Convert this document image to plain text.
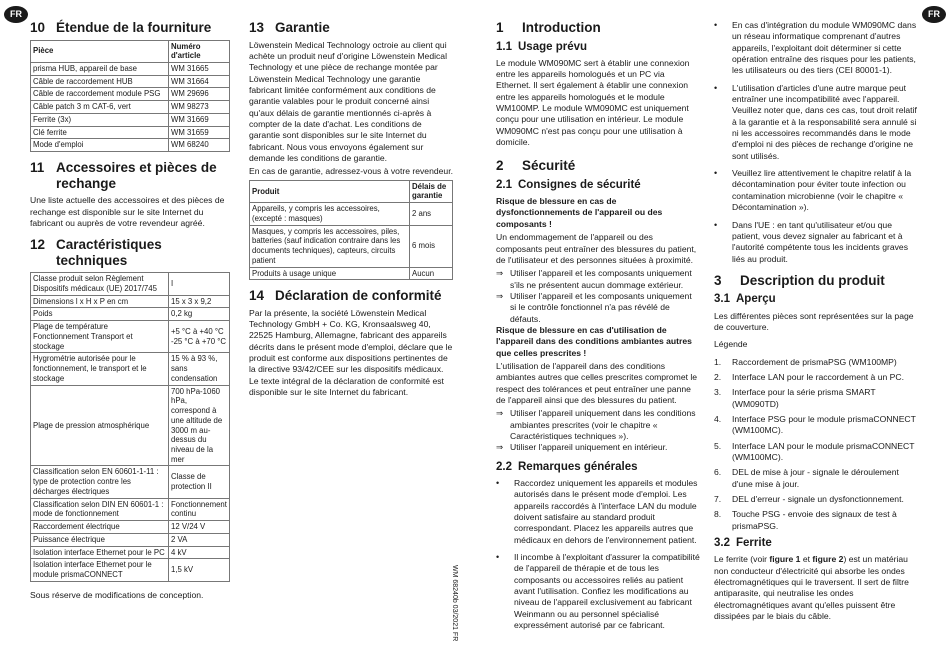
FR	FR
10 Étendue de la fourniture
Pièce	Numéro d'article
prisma HUB, appareil de base	WM 31665
Câble de raccordement HUB	WM 31664
Câble de raccordement module PSG	WM 29696
Câble patch 3 m CAT-6, vert	WM 98273
Ferrite (3x)	WM 31669
Clé ferrite	WM 31659
Mode d'emploi	WM 68240
11 Accessoires et pièces de rechange

Une liste actuelle des accessoires et des pièces de rechange est disponible sur le site Internet du fabricant ou auprès de votre revendeur agréé.

12 Caractéristiques techniques
Classe produit selon Règlement Dispositifs médicaux (UE) 2017/745	I
Dimensions l x H x P en cm	15 x 3 x 9,2
Poids	0,2 kg
Plage de température Fonctionnement Transport et stockage	+5 °C à +40 °C -25 °C à +70 °C
Hygrométrie autorisée pour le fonctionnement, le transport et le stockage	15 % à 93 %, sans condensation
Plage de pression atmosphérique	700 hPa-1060 hPa, correspond à une altitude de 3000 m au-dessus du niveau de la mer
Classification selon EN 60601-1-11 : type de protection contre les décharges électriques	Classe de protection II
Classification selon DIN EN 60601-1 : mode de fonctionnement	Fonctionnement continu
Raccordement électrique	12 V/24 V
Puissance électrique	2 VA
Isolation interface Ethernet pour le PC	4 kV
Isolation interface Ethernet pour le module prismaCONNECT	1,5 kV

Sous réserve de modifications de conception.

13 Garantie

Löwenstein Medical Technology octroie au client qui achète un produit neuf d'origine Löwenstein Medical Technology et une pièce de rechange montée par Löwenstein Medical Technology une garantie fabricant limitée conformément aux conditions de garantie valables pour le produit concerné ainsi qu'aux délais de garantie mentionnés ci-après à compter de la date d'achat. Les conditions de garantie sont disponibles sur le site Internet du fabricant. Nous vous envoyons également sur demande les conditions de garantie.

En cas de garantie, adressez-vous à votre revendeur.

Produit	Délais de garantie
Appareils, y compris les accessoires, (excepté : masques)	2 ans
Masques, y compris les accessoires, piles, batteries (sauf indication contraire dans les documents techniques), capteurs, circuits patient	6 mois
Produits à usage unique	Aucun
14 Déclaration de conformité

Par la présente, la société Löwenstein Medical Technology GmbH + Co. KG, Kronsaalsweg 40, 22525 Hamburg, Allemagne, fabricant des appareils décrits dans le présent mode d'emploi, déclare que le produit est conforme aux dispositions pertinentes de la directive 93/42/CEE sur les dispositifs médicaux. Le texte intégral de la déclaration de conformité est disponible sur le site Internet du fabricant.

WM 68240b 03/2021 FR
1	Introduction
1.1 Usage prévu

Le module WM090MC sert à établir une connexion entre les appareils homologués et un PC via Ethernet. Il sert également à établir une connexion entre les appareils homologués et le module WM100MP. Le module WM090MC est uniquement conçu pour une utilisation en intérieur. Le module WM090MC n'est pas conçu pour une utilisation à domicile.

2	Sécurité
2.1 Consignes de sécurité

Risque de blessure en cas de dysfonctionnements de l'appareil ou des composants !

Un endommagement de l'appareil ou des composants peut entraîner des blessures du patient, de l'utilisateur et des personnes situées à proximité.

⇒ Utiliser l'appareil et les composants uniquement s'ils ne présentent aucun dommage extérieur.
⇒ Utiliser l'appareil et les composants uniquement si le contrôle fonctionnel n'a pas révélé de défauts.

Risque de blessure en cas d'utilisation de l'appareil dans des conditions ambiantes autres que celles prescrites !

L'utilisation de l'appareil dans des conditions ambiantes autres que celles prescrites compromet le respect des tolérances et peut entraîner une panne de l'appareil ainsi que des blessures du patient.

⇒ Utiliser l'appareil uniquement dans les conditions ambiantes prescrites (voir le chapitre « Caractéristiques techniques »).
⇒ Utiliser l'appareil uniquement en intérieur.
2.2 Remarques générales
•	Raccordez uniquement les appareils et modules autorisés dans le présent mode d'emploi. Les appareils raccordés à l'interface LAN du module doivent satisfaire au standard produit correspondant. Placez les appareils autres que médicaux en dehors de l'environnement patient.
•	Il incombe à l'exploitant d'assurer la compatibilité de l'appareil de thérapie et de tous les composants ou accessoires reliés au patient avant l'utilisation. Confiez les modifications au niveau de l'appareil exclusivement au fabricant Weinmann ou au personnel spécialisé expressément autorisé par ce fabricant.
•	En cas d'intégration du module WM090MC dans un réseau informatique comprenant d'autres appareils, l'exploitant doit déterminer si cette opération entraîne des risques pour les patients, les utilisateurs ou des tiers (CEI 80001-1).
•	L'utilisation d'articles d'une autre marque peut entraîner une incompatibilité avec l'appareil. Veuillez noter que, dans ces cas, tout droit relatif à la garantie et à la responsabilité sera annulé si ni les accessoires recommandés dans le mode d'emploi ni des pièces de rechange d'origine ne sont utilisés.
•	Veuillez lire attentivement le chapitre relatif à la décontamination pour éviter toute infection ou contamination microbienne (voir le chapitre « Décontamination »).
•	Dans l'UE : en tant qu'utilisateur et/ou que patient, vous devez signaler au fabricant et à l'autorité compétente tous les incidents graves liés au produit.
3	Description du produit
3.1 Aperçu

Les différentes pièces sont représentées sur la page de couverture.

Légende

1.	Raccordement de prismaPSG (WM100MP)
2.	Interface LAN pour le raccordement à un PC.
3.	Interface pour la série prisma SMART (WM090TD)
4.	Interface PSG pour le module prismaCONNECT (WM100MC).
5.	Interface LAN pour le module prismaCONNECT (WM100MC).
6.	DEL de mise à jour - signale le déroulement d'une mise à jour.
7.	DEL d'erreur - signale un dysfonctionnement.
8.	Touche PSG - envoie des signaux de test à prismaPSG.
3.2 Ferrite

Le ferrite (voir figure 1 et figure 2) est un matériau non conducteur d'électricité qui absorbe les ondes électromagnétiques qui le traversent. Il sert de filtre antiparasite, qui neutralise les ondes électromagnétiques avant qu'elles puissent être dissipées par le biais du câble.
